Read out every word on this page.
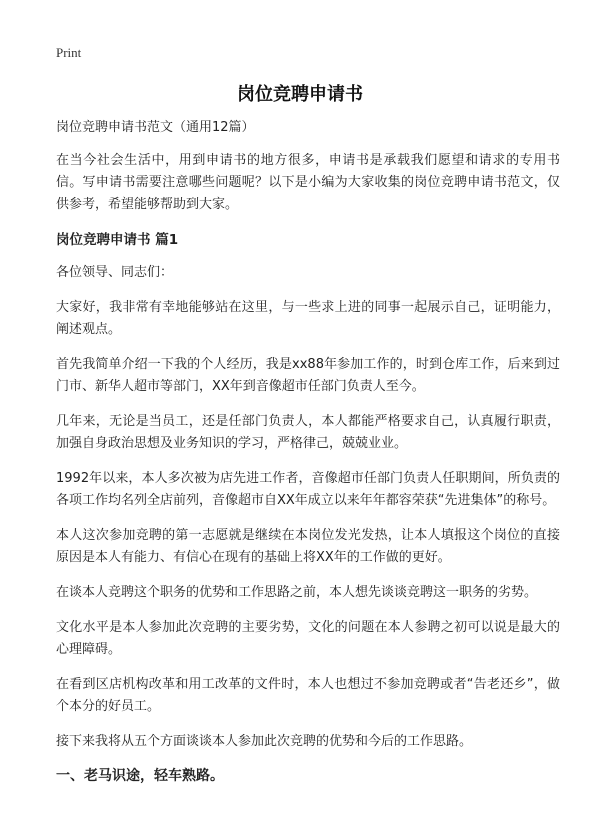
Print
岗位竞聘申请书
岗位竞聘申请书范文（通用12篇）

在当今社会生活中，用到申请书的地方很多，申请书是承载我们愿望和请求的专用书信。写申请书需要注意哪些问题呢？以下是小编为大家收集的岗位竞聘申请书范文，仅供参考，希望能够帮助到大家。

岗位竞聘申请书 篇1

各位领导、同志们：

大家好，我非常有幸地能够站在这里，与一些求上进的同事一起展示自己，证明能力，阐述观点。

首先我简单介绍一下我的个人经历，我是xx88年参加工作的，时到仓库工作，后来到过门市、新华人超市等部门，XX年到音像超市任部门负责人至今。

几年来，无论是当员工，还是任部门负责人，本人都能严格要求自己，认真履行职责，加强自身政治思想及业务知识的学习，严格律己，兢兢业业。

1992年以来，本人多次被为店先进工作者，音像超市任部门负责人任职期间，所负责的各项工作均名列全店前列，音像超市自XX年成立以来年年都容荣获“先进集体”的称号。

本人这次参加竞聘的第一志愿就是继续在本岗位发光发热，让本人填报这个岗位的直接原因是本人有能力、有信心在现有的基础上将XX年的工作做的更好。

在谈本人竞聘这个职务的优势和工作思路之前，本人想先谈谈竞聘这一职务的劣势。

文化水平是本人参加此次竞聘的主要劣势，文化的问题在本人参聘之初可以说是最大的心理障碍。

在看到区店机构改革和用工改革的文件时，本人也想过不参加竞聘或者“告老还乡”，做个本分的好员工。

接下来我将从五个方面谈谈本人参加此次竞聘的优势和今后的工作思路。

一、老马识途，轻车熟路。
